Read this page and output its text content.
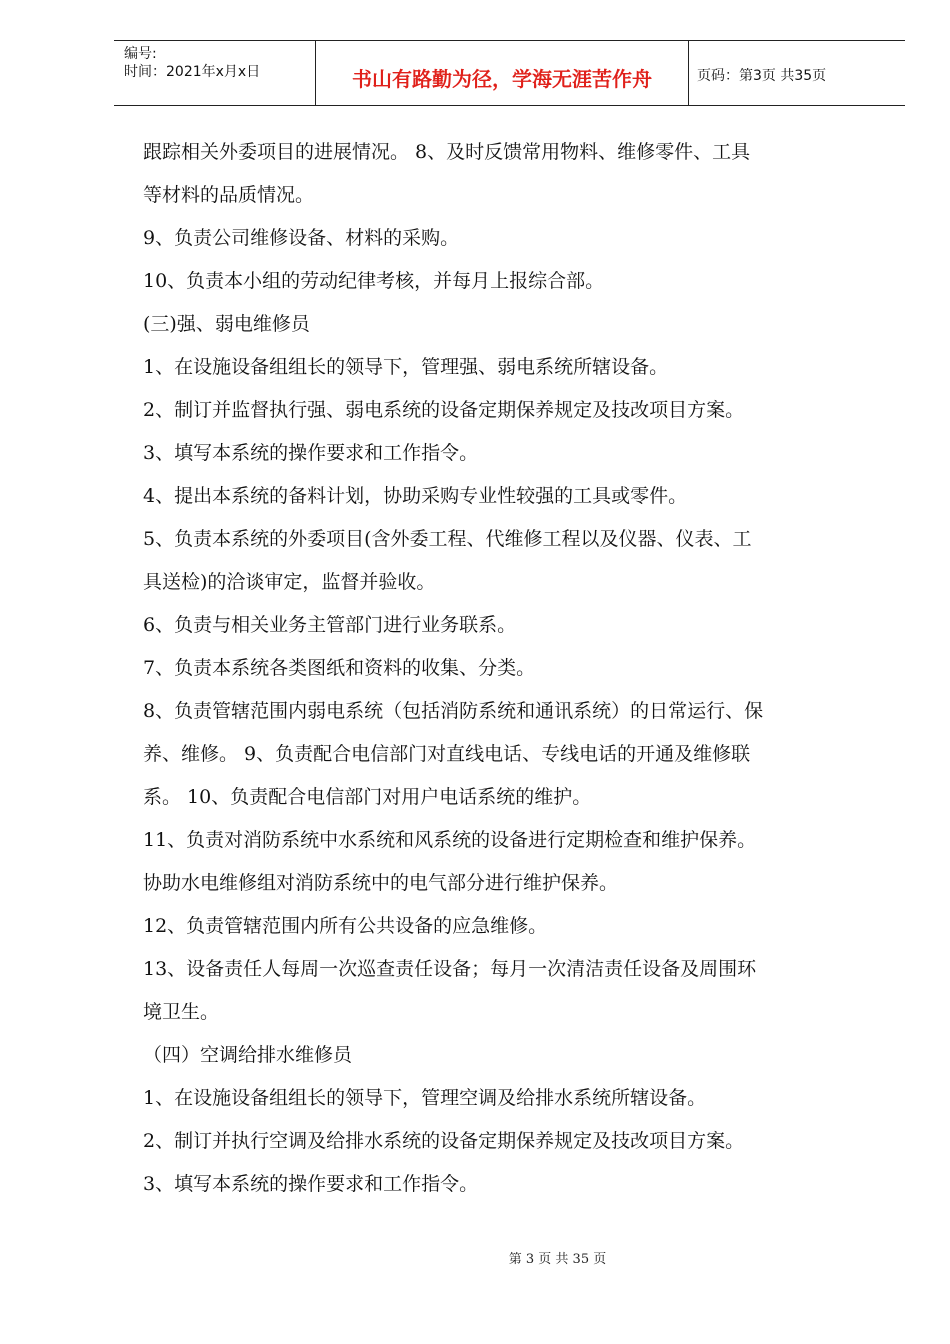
编号:
时间：2021年x月x日	书山有路勤为径，学海无涯苦作舟	页码：第3页 共35页

跟踪相关外委项目的进展情况。 8、及时反馈常用物料、维修零件、工具

等材料的品质情况。

9、负责公司维修设备、材料的采购。

10、负责本小组的劳动纪律考核，并每月上报综合部。

(三)强、弱电维修员

1、在设施设备组组长的领导下，管理强、弱电系统所辖设备。

2、制订并监督执行强、弱电系统的设备定期保养规定及技改项目方案。

3、填写本系统的操作要求和工作指令。

4、提出本系统的备料计划，协助采购专业性较强的工具或零件。

5、负责本系统的外委项目(含外委工程、代维修工程以及仪器、仪表、工

具送检)的洽谈审定，监督并验收。

6、负责与相关业务主管部门进行业务联系。

7、负责本系统各类图纸和资料的收集、分类。

8、负责管辖范围内弱电系统（包括消防系统和通讯系统）的日常运行、保

养、维修。 9、负责配合电信部门对直线电话、专线电话的开通及维修联

系。 10、负责配合电信部门对用户电话系统的维护。

11、负责对消防系统中水系统和风系统的设备进行定期检查和维护保养。

协助水电维修组对消防系统中的电气部分进行维护保养。

12、负责管辖范围内所有公共设备的应急维修。

13、设备责任人每周一次巡查责任设备；每月一次清洁责任设备及周围环

境卫生。

（四）空调给排水维修员

1、在设施设备组组长的领导下，管理空调及给排水系统所辖设备。

2、制订并执行空调及给排水系统的设备定期保养规定及技改项目方案。

3、填写本系统的操作要求和工作指令。

第 3 页 共 35 页
